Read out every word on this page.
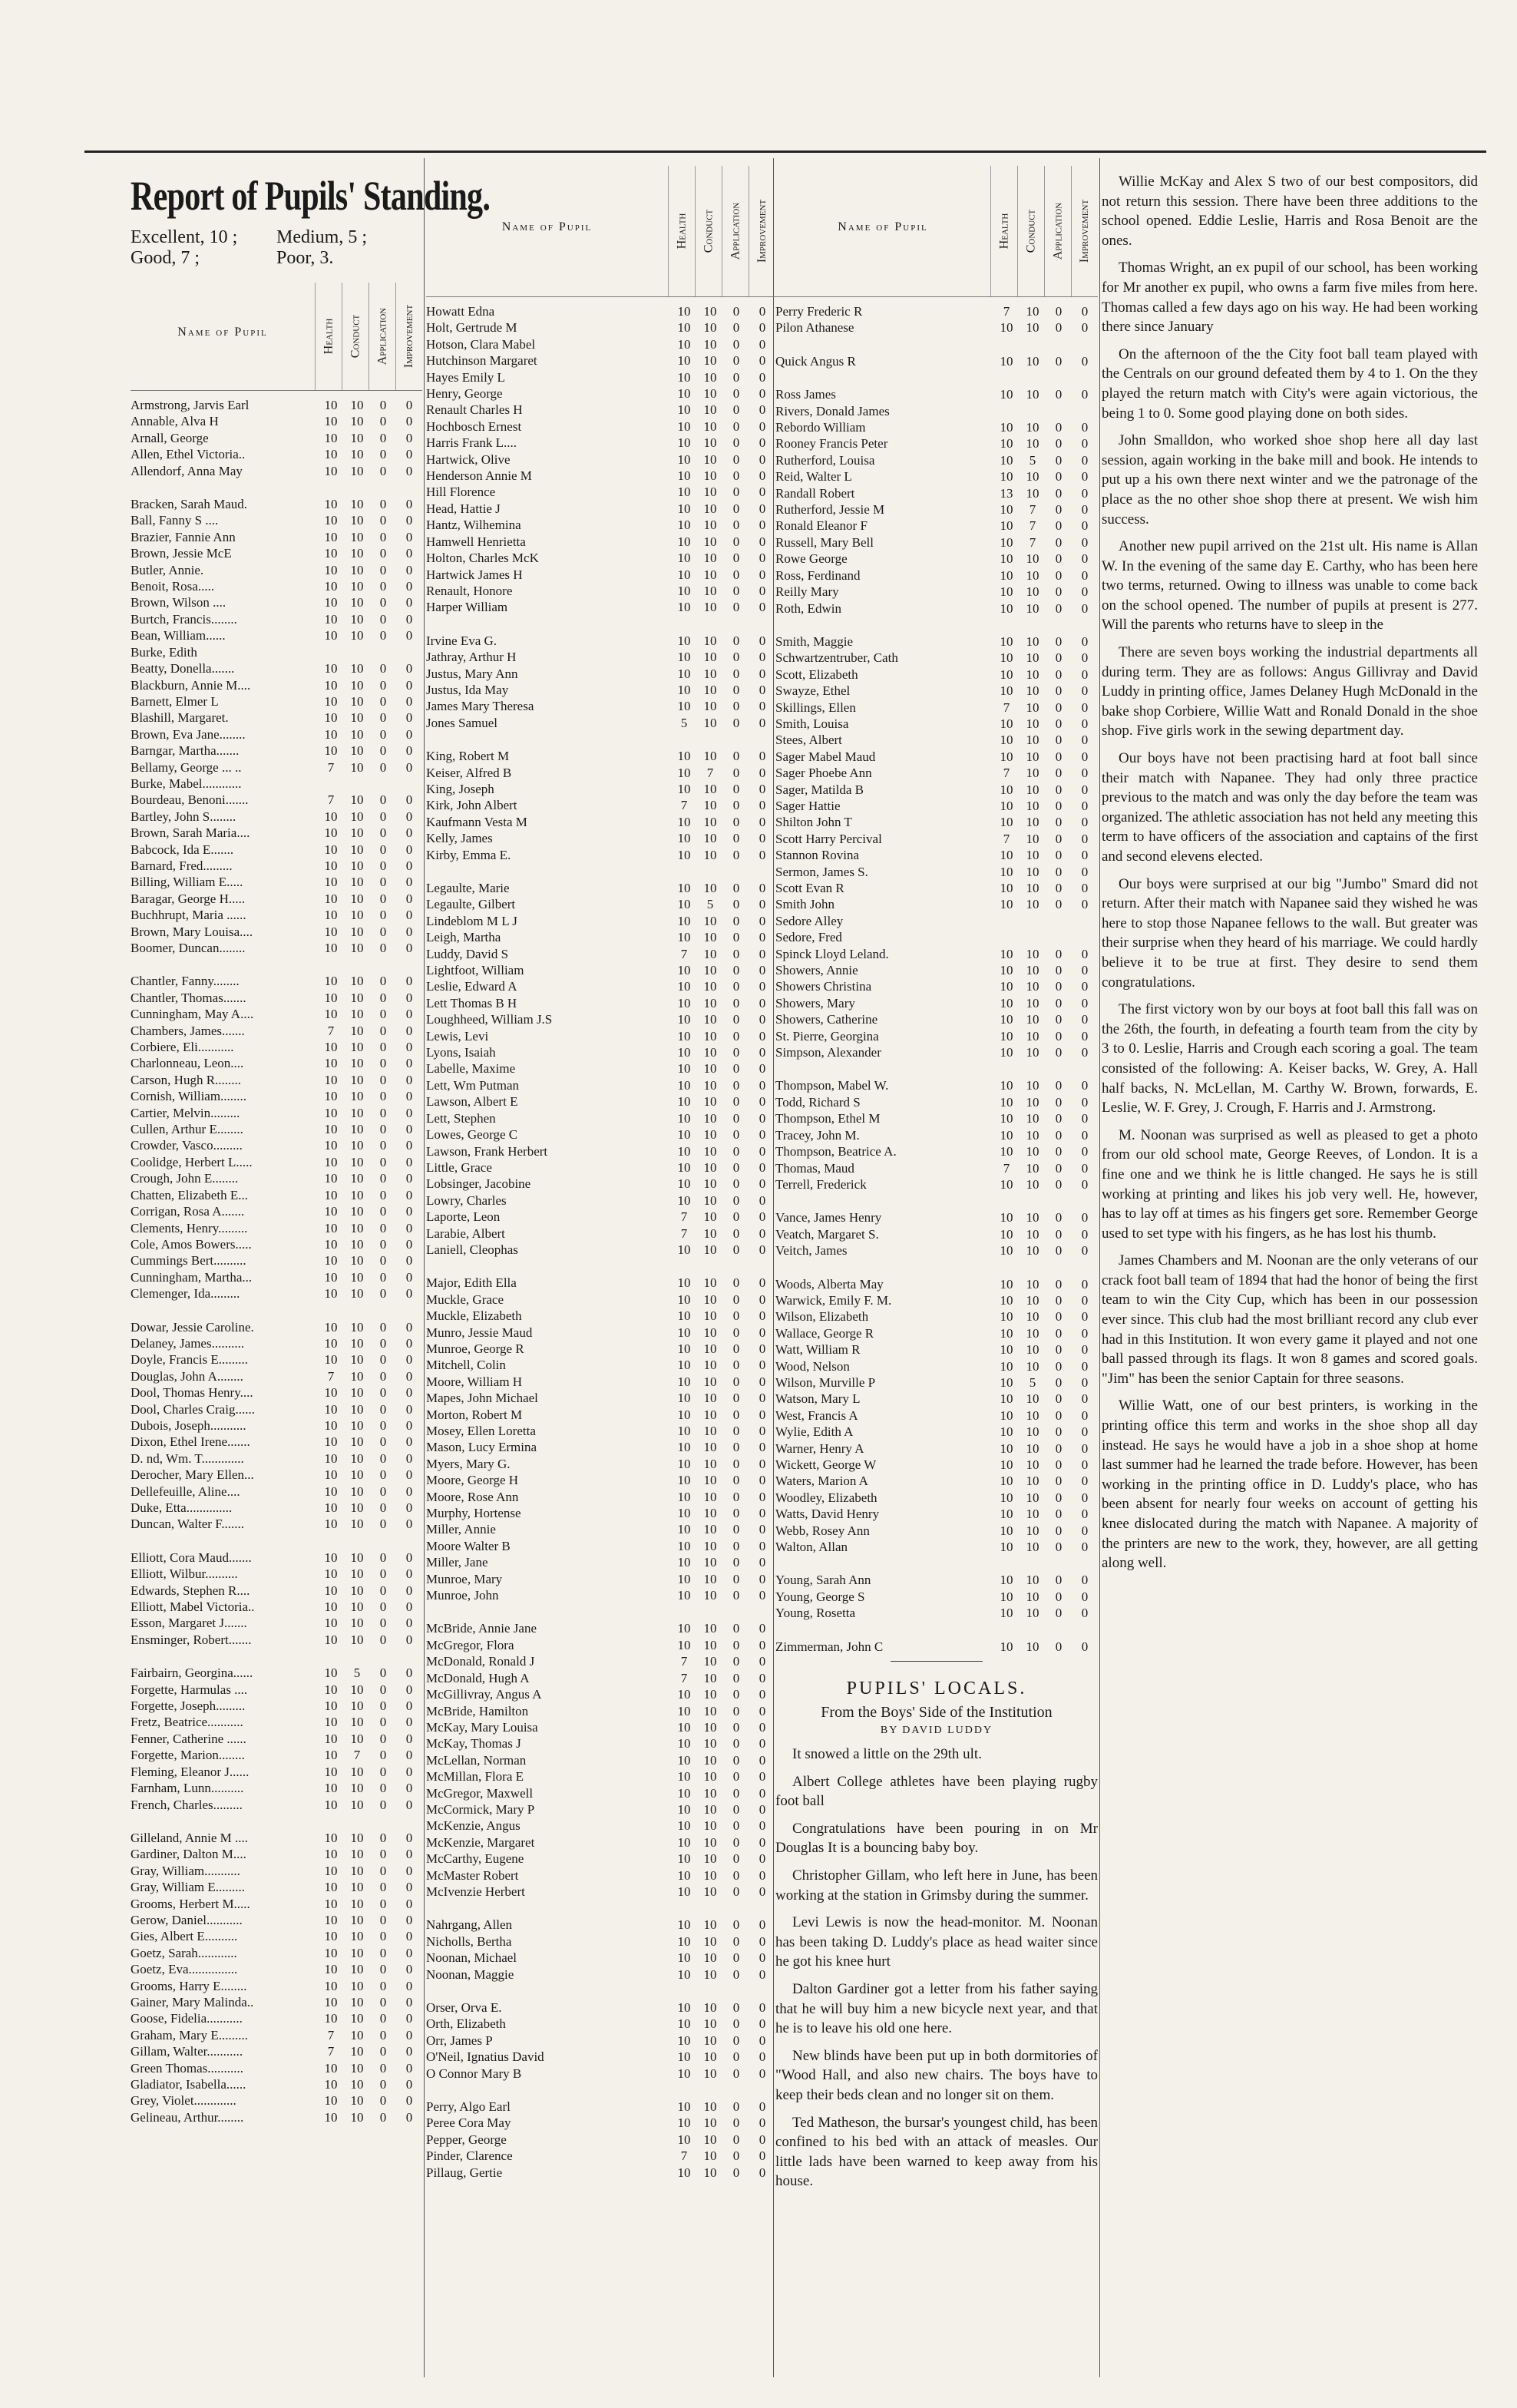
Report of Pupils' Standing.
Excellent, 10 ;	Medium, 5 ;
Good, 7 ;	Poor, 3.
Name of Pupil	Health Conduct Application Improvement
Armstrong, Jarvis Earl	10	10	0	0
Annable, Alva H	10	10	0	0
Arnall, George	10	10	0	0
Allen, Ethel Victoria..	10	10	0	0
Allendorf, Anna May	10	10	0	0
Bracken, Sarah Maud.	10	10	0	0
Ball, Fanny S ....	10	10	0	0
Brazier, Fannie Ann	10	10	0	0
Brown, Jessie McE	10	10	0	0
Butler, Annie.	10	10	0	0
Benoit, Rosa.....	10	10	0	0
Brown, Wilson ....	10	10	0	0
Burtch, Francis........	10	10	0	0
Bean, William......	10	10	0	0
Burke, Edith
Beatty, Donella.......	10	10	0	0
Blackburn, Annie M....	10	10	0	0
Barnett, Elmer L	10	10	0	0
Blashill, Margaret.	10	10	0	0
Brown, Eva Jane........	10	10	0	0
Barngar, Martha.......	10	10	0	0
Bellamy, George ... ..	7	10	0	0
Burke, Mabel............
Bourdeau, Benoni.......	7	10	0	0
Bartley, John S........	10	10	0	0
Brown, Sarah Maria....	10	10	0	0
Babcock, Ida E.......	10	10	0	0
Barnard, Fred.........	10	10	0	0
Billing, William E.....	10	10	0	0
Baragar, George H.....	10	10	0	0
Buchhrupt, Maria ......	10	10	0	0
Brown, Mary Louisa....	10	10	0	0
Boomer, Duncan........	10	10	0	0
Chantler, Fanny........	10	10	0	0
Chantler, Thomas.......	10	10	0	0
Cunningham, May A....	10	10	0	0
Chambers, James.......	7	10	0	0
Corbiere, Eli...........	10	10	0	0
Charlonneau, Leon....	10	10	0	0
Carson, Hugh R........	10	10	0	0
Cornish, William........	10	10	0	0
Cartier, Melvin.........	10	10	0	0
Cullen, Arthur E........	10	10	0	0
Crowder, Vasco.........	10	10	0	0
Coolidge, Herbert L.....	10	10	0	0
Crough, John E........	10	10	0	0
Chatten, Elizabeth E...	10	10	0	0
Corrigan, Rosa A.......	10	10	0	0
Clements, Henry.........	10	10	0	0
Cole, Amos Bowers.....	10	10	0	0
Cummings Bert..........	10	10	0	0
Cunningham, Martha...	10	10	0	0
Clemenger, Ida.........	10	10	0	0
Dowar, Jessie Caroline.	10	10	0	0
Delaney, James..........	10	10	0	0
Doyle, Francis E.........	10	10	0	0
Douglas, John A........	7	10	0	0
Dool, Thomas Henry....	10	10	0	0
Dool, Charles Craig......	10	10	0	0
Dubois, Joseph...........	10	10	0	0
Dixon, Ethel Irene.......	10	10	0	0
D. nd, Wm. T.............	10	10	0	0
Derocher, Mary Ellen...	10	10	0	0
Dellefeuille, Aline....	10	10	0	0
Duke, Etta..............	10	10	0	0
Duncan, Walter F.......	10	10	0	0
Elliott, Cora Maud.......	10	10	0	0
Elliott, Wilbur..........	10	10	0	0
Edwards, Stephen R....	10	10	0	0
Elliott, Mabel Victoria..	10	10	0	0
Esson, Margaret J.......	10	10	0	0
Ensminger, Robert.......	10	10	0	0
Fairbairn, Georgina......	10	5	0	0
Forgette, Harmulas ....	10	10	0	0
Forgette, Joseph.........	10	10	0	0
Fretz, Beatrice...........	10	10	0	0
Fenner, Catherine ......	10	10	0	0
Forgette, Marion........	10	7	0	0
Fleming, Eleanor J......	10	10	0	0
Farnham, Lunn..........	10	10	0	0
French, Charles.........	10	10	0	0
Gilleland, Annie M ....	10	10	0	0
Gardiner, Dalton M....	10	10	0	0
Gray, William...........	10	10	0	0
Gray, William E.........	10	10	0	0
Grooms, Herbert M.....	10	10	0	0
Gerow, Daniel...........	10	10	0	0
Gies, Albert E..........	10	10	0	0
Goetz, Sarah............	10	10	0	0
Goetz, Eva...............	10	10	0	0
Grooms, Harry E........	10	10	0	0
Gainer, Mary Malinda..	10	10	0	0
Goose, Fidelia...........	10	10	0	0
Graham, Mary E.........	7	10	0	0
Gillam, Walter...........	7	10	0	0
Green Thomas...........	10	10	0	0
Gladiator, Isabella......	10	10	0	0
Grey, Violet.............	10	10	0	0
Gelineau, Arthur........	10	10	0	0
Name of Pupil	Health Conduct Application Improvement
Howatt Edna	10	10	0	0
Holt, Gertrude M	10	10	0	0
Hotson, Clara Mabel	10	10	0	0
Hutchinson Margaret	10	10	0	0
Hayes Emily L	10	10	0	0
Henry, George	10	10	0	0
Renault Charles H	10	10	0	0
Hochbosch Ernest	10	10	0	0
Harris Frank L....	10	10	0	0
Hartwick, Olive	10	10	0	0
Henderson Annie M	10	10	0	0
Hill Florence	10	10	0	0
Head, Hattie J	10	10	0	0
Hantz, Wilhemina	10	10	0	0
Hamwell Henrietta	10	10	0	0
Holton, Charles McK	10	10	0	0
Hartwick James H	10	10	0	0
Renault, Honore	10	10	0	0
Harper William	10	10	0	0
Irvine Eva G.	10	10	0	0
Jathray, Arthur H	10	10	0	0
Justus, Mary Ann	10	10	0	0
Justus, Ida May	10	10	0	0
James Mary Theresa	10	10	0	0
Jones Samuel	5	10	0	0
King, Robert M	10	10	0	0
Keiser, Alfred B	10	7	0	0
King, Joseph	10	10	0	0
Kirk, John Albert	7	10	0	0
Kaufmann Vesta M	10	10	0	0
Kelly, James	10	10	0	0
Kirby, Emma E.	10	10	0	0
Legaulte, Marie	10	10	0	0
Legaulte, Gilbert	10	5	0	0
Lindeblom M L J	10	10	0	0
Leigh, Martha	10	10	0	0
Luddy, David S	7	10	0	0
Lightfoot, William	10	10	0	0
Leslie, Edward A	10	10	0	0
Lett Thomas B H	10	10	0	0
Loughheed, William J.S	10	10	0	0
Lewis, Levi	10	10	0	0
Lyons, Isaiah	10	10	0	0
Labelle, Maxime	10	10	0	0
Lett, Wm Putman	10	10	0	0
Lawson, Albert E	10	10	0	0
Lett, Stephen	10	10	0	0
Lowes, George C	10	10	0	0
Lawson, Frank Herbert	10	10	0	0
Little, Grace	10	10	0	0
Lobsinger, Jacobine	10	10	0	0
Lowry, Charles	10	10	0	0
Laporte, Leon	7	10	0	0
Larabie, Albert	7	10	0	0
Laniell, Cleophas	10	10	0	0
Major, Edith Ella	10	10	0	0
Muckle, Grace	10	10	0	0
Muckle, Elizabeth	10	10	0	0
Munro, Jessie Maud	10	10	0	0
Munroe, George R	10	10	0	0
Mitchell, Colin	10	10	0	0
Moore, William H	10	10	0	0
Mapes, John Michael	10	10	0	0
Morton, Robert M	10	10	0	0
Mosey, Ellen Loretta	10	10	0	0
Mason, Lucy Ermina	10	10	0	0
Myers, Mary G.	10	10	0	0
Moore, George H	10	10	0	0
Moore, Rose Ann	10	10	0	0
Murphy, Hortense	10	10	0	0
Miller, Annie	10	10	0	0
Moore Walter B	10	10	0	0
Miller, Jane	10	10	0	0
Munroe, Mary	10	10	0	0
Munroe, John	10	10	0	0
McBride, Annie Jane	10	10	0	0
McGregor, Flora	10	10	0	0
McDonald, Ronald J	7	10	0	0
McDonald, Hugh A	7	10	0	0
McGillivray, Angus A	10	10	0	0
McBride, Hamilton	10	10	0	0
McKay, Mary Louisa	10	10	0	0
McKay, Thomas J	10	10	0	0
McLellan, Norman	10	10	0	0
McMillan, Flora E	10	10	0	0
McGregor, Maxwell	10	10	0	0
McCormick, Mary P	10	10	0	0
McKenzie, Angus	10	10	0	0
McKenzie, Margaret	10	10	0	0
McCarthy, Eugene	10	10	0	0
McMaster Robert	10	10	0	0
McIvenzie Herbert	10	10	0	0
Nahrgang, Allen	10	10	0	0
Nicholls, Bertha	10	10	0	0
Noonan, Michael	10	10	0	0
Noonan, Maggie	10	10	0	0
Orser, Orva E.	10	10	0	0
Orth, Elizabeth	10	10	0	0
Orr, James P	10	10	0	0
O'Neil, Ignatius David	10	10	0	0
O Connor Mary B	10	10	0	0
Perry, Algo Earl	10	10	0	0
Peree Cora May	10	10	0	0
Pepper, George	10	10	0	0
Pinder, Clarence	7	10	0	0
Pillaug, Gertie	10	10	0	0
Name of Pupil	Health Conduct Application Improvement
Perry Frederic R	7	10	0	0
Pilon Athanese	10	10	0	0
Quick Angus R	10	10	0	0
Ross James	10	10	0	0
Rivers, Donald James
Rebordo William	10	10	0	0
Rooney Francis Peter	10	10	0	0
Rutherford, Louisa	10	5	0	0
Reid, Walter L	10	10	0	0
Randall Robert	13	10	0	0
Rutherford, Jessie M	10	7	0	0
Ronald Eleanor F	10	7	0	0
Russell, Mary Bell	10	7	0	0
Rowe George	10	10	0	0
Ross, Ferdinand	10	10	0	0
Reilly Mary	10	10	0	0
Roth, Edwin	10	10	0	0
Smith, Maggie	10	10	0	0
Schwartzentruber, Cath	10	10	0	0
Scott, Elizabeth	10	10	0	0
Swayze, Ethel	10	10	0	0
Skillings, Ellen	7	10	0	0
Smith, Louisa	10	10	0	0
Stees, Albert	10	10	0	0
Sager Mabel Maud	10	10	0	0
Sager Phoebe Ann	7	10	0	0
Sager, Matilda B	10	10	0	0
Sager Hattie	10	10	0	0
Shilton John T	10	10	0	0
Scott Harry Percival	7	10	0	0
Stannon Rovina	10	10	0	0
Sermon, James S.	10	10	0	0
Scott Evan R	10	10	0	0
Smith John	10	10	0	0
Sedore Alley
Sedore, Fred
Spinck Lloyd Leland.	10	10	0	0
Showers, Annie	10	10	0	0
Showers Christina	10	10	0	0
Showers, Mary	10	10	0	0
Showers, Catherine	10	10	0	0
St. Pierre, Georgina	10	10	0	0
Simpson, Alexander	10	10	0	0
Thompson, Mabel W.	10	10	0	0
Todd, Richard S	10	10	0	0
Thompson, Ethel M	10	10	0	0
Tracey, John M.	10	10	0	0
Thompson, Beatrice A.	10	10	0	0
Thomas, Maud	7	10	0	0
Terrell, Frederick	10	10	0	0
Vance, James Henry	10	10	0	0
Veatch, Margaret S.	10	10	0	0
Veitch, James	10	10	0	0
Woods, Alberta May	10	10	0	0
Warwick, Emily F. M.	10	10	0	0
Wilson, Elizabeth	10	10	0	0
Wallace, George R	10	10	0	0
Watt, William R	10	10	0	0
Wood, Nelson	10	10	0	0
Wilson, Murville P	10	5	0	0
Watson, Mary L	10	10	0	0
West, Francis A	10	10	0	0
Wylie, Edith A	10	10	0	0
Warner, Henry A	10	10	0	0
Wickett, George W	10	10	0	0
Waters, Marion A	10	10	0	0
Woodley, Elizabeth	10	10	0	0
Watts, David Henry	10	10	0	0
Webb, Rosey Ann	10	10	0	0
Walton, Allan	10	10	0	0
Young, Sarah Ann	10	10	0	0
Young, George S	10	10	0	0
Young, Rosetta	10	10	0	0
Zimmerman, John C	10	10	0	0
PUPILS' LOCALS.
From the Boys' Side of the Institution
BY DAVID LUDDY

It snowed a little on the 29th ult.

Albert College athletes have been playing rugby foot ball

Congratulations have been pouring in on Mr Douglas It is a bouncing baby boy.

Christopher Gillam, who left here in June, has been working at the station in Grimsby during the summer.

Levi Lewis is now the head-monitor. M. Noonan has been taking D. Luddy's place as head waiter since he got his knee hurt

Dalton Gardiner got a letter from his father saying that he will buy him a new bicycle next year, and that he is to leave his old one here.

New blinds have been put up in both dormitories of "Wood Hall, and also new chairs. The boys have to keep their beds clean and no longer sit on them.

Ted Matheson, the bursar's youngest child, has been confined to his bed with an attack of measles. Our little lads have been warned to keep away from his house.

Willie McKay and Alex S two of our best compositors, did not return this session. There have been three additions to the school opened. Eddie Leslie, Harris and Rosa Benoit are the ones.

Thomas Wright, an ex pupil of our school, has been working for Mr another ex pupil, who owns a farm five miles from here. Thomas called a few days ago on his way. He had been working there since January

On the afternoon of the the City foot ball team played with the Centrals on our ground defeated them by 4 to 1. On the they played the return match with City's were again victorious, the being 1 to 0. Some good playing done on both sides.

John Smalldon, who worked shoe shop here all day last session, again working in the bake mill and book. He intends to put up a his own there next winter and we the patronage of the place as the no other shoe shop there at present. We wish him success.

Another new pupil arrived on the 21st ult. His name is Allan W. In the evening of the same day E. Carthy, who has been here two terms, returned. Owing to illness was unable to come back on the school opened. The number of pupils at present is 277. Will the parents who returns have to sleep in the

There are seven boys working the industrial departments all during term. They are as follows: Angus Gillivray and David Luddy in printing office, James Delaney Hugh McDonald in the bake shop Corbiere, Willie Watt and Ronald Donald in the shoe shop. Five girls work in the sewing department day.

Our boys have not been practising hard at foot ball since their match with Napanee. They had only three practice previous to the match and was only the day before the team was organized. The athletic association has not held any meeting this term to have officers of the association and captains of the first and second elevens elected.

Our boys were surprised at our big "Jumbo" Smard did not return. After their match with Napanee said they wished he was here to stop those Napanee fellows to the wall. But greater was their surprise when they heard of his marriage. We could hardly believe it to be true at first. They desire to send them congratulations.

The first victory won by our boys at foot ball this fall was on the 26th, the fourth, in defeating a fourth team from the city by 3 to 0. Leslie, Harris and Crough each scoring a goal. The team consisted of the following: A. Keiser backs, W. Grey, A. Hall half backs, N. McLellan, M. Carthy W. Brown, forwards, E. Leslie, W. F. Grey, J. Crough, F. Harris and J. Armstrong.

M. Noonan was surprised as well as pleased to get a photo from our old school mate, George Reeves, of London. It is a fine one and we think he is little changed. He says he is still working at printing and likes his job very well. He, however, has to lay off at times as his fingers get sore. Remember George used to set type with his fingers, as he has lost his thumb.

James Chambers and M. Noonan are the only veterans of our crack foot ball team of 1894 that had the honor of being the first team to win the City Cup, which has been in our possession ever since. This club had the most brilliant record any club ever had in this Institution. It won every game it played and not one ball passed through its flags. It won 8 games and scored goals. "Jim" has been the senior Captain for three seasons.

Willie Watt, one of our best printers, is working in the printing office this term and works in the shoe shop all day instead. He says he would have a job in a shoe shop at home last summer had he learned the trade before. However, has been working in the printing office in D. Luddy's place, who has been absent for nearly four weeks on account of getting his knee dislocated during the match with Napanee. A majority of the printers are new to the work, they, however, are all getting along well.
